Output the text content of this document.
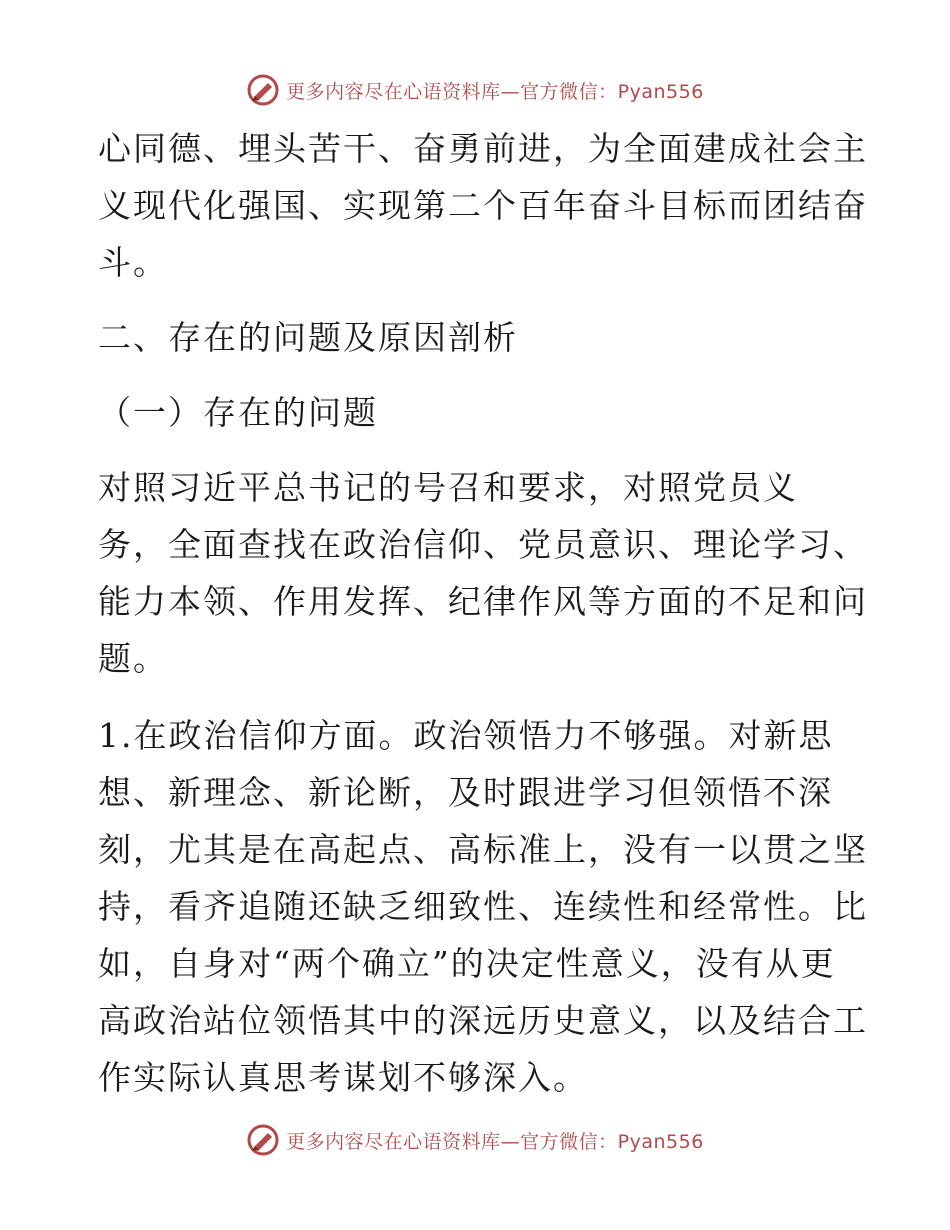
更多内容尽在心语资料库—官方微信：Pyan556

心同德、埋头苦干、奋勇前进，为全面建成社会主

义现代化强国、实现第二个百年奋斗目标而团结奋

斗。

二、存在的问题及原因剖析

（一）存在的问题

对照习近平总书记的号召和要求，对照党员义

务，全面查找在政治信仰、党员意识、理论学习、

能力本领、作用发挥、纪律作风等方面的不足和问

题。

1.在政治信仰方面。政治领悟力不够强。对新思

想、新理念、新论断，及时跟进学习但领悟不深

刻，尤其是在高起点、高标准上，没有一以贯之坚

持，看齐追随还缺乏细致性、连续性和经常性。比

如，自身对“两个确立”的决定性意义，没有从更

高政治站位领悟其中的深远历史意义，以及结合工

作实际认真思考谋划不够深入。

更多内容尽在心语资料库—官方微信：Pyan556
